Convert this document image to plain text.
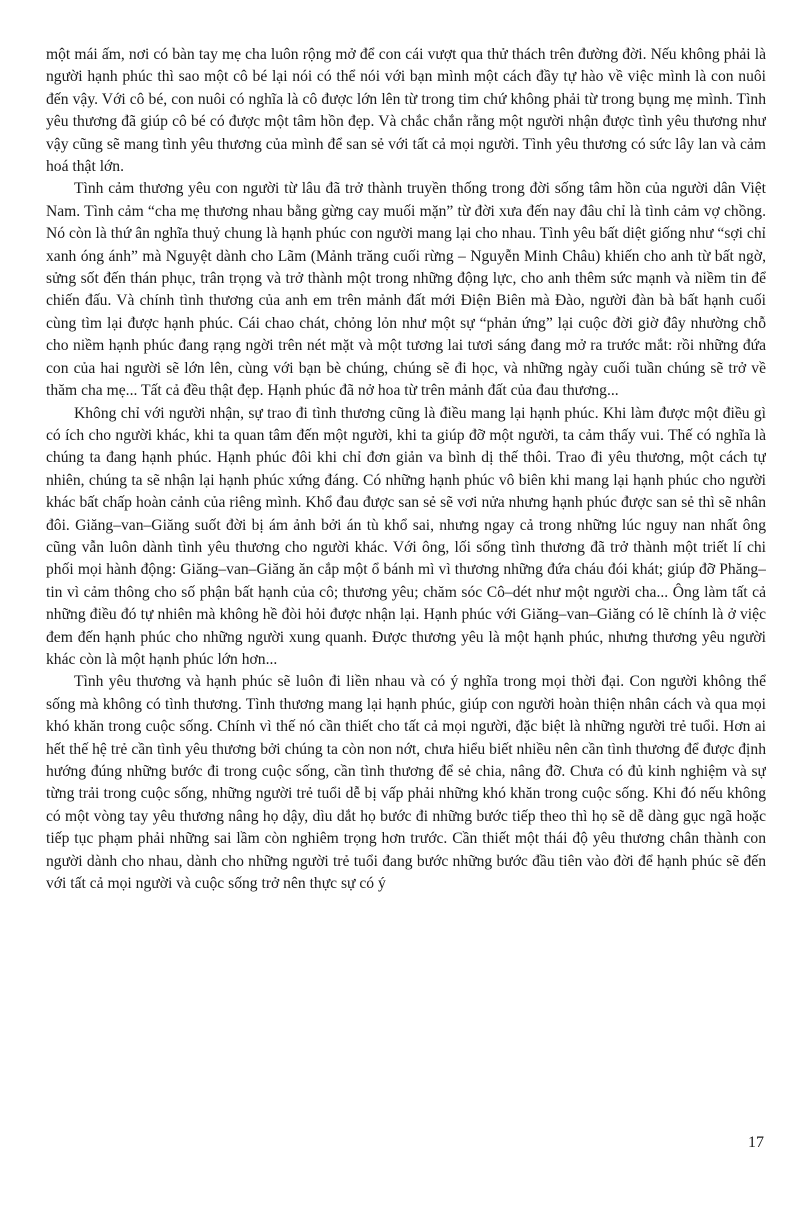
một mái ấm, nơi có bàn tay mẹ cha luôn rộng mở để con cái vượt qua thử thách trên đường đời. Nếu không phải là người hạnh phúc thì sao một cô bé lại nói có thể nói với bạn mình một cách đầy tự hào về việc mình là con nuôi đến vậy. Với cô bé, con nuôi có nghĩa là cô được lớn lên từ trong tim chứ không phải từ trong bụng mẹ mình. Tình yêu thương đã giúp cô bé có được một tâm hồn đẹp. Và chắc chắn rằng một người nhận được tình yêu thương như vậy cũng sẽ mang tình yêu thương của mình để san sẻ với tất cả mọi người. Tình yêu thương có sức lây lan và cảm hoá thật lớn.

Tình cảm thương yêu con người từ lâu đã trở thành truyền thống trong đời sống tâm hồn của người dân Việt Nam. Tình cảm “cha mẹ thương nhau bằng gừng cay muối mặn” từ đời xưa đến nay đâu chỉ là tình cảm vợ chồng. Nó còn là thứ ân nghĩa thuỷ chung là hạnh phúc con người mang lại cho nhau. Tình yêu bất diệt giống như “sợi chỉ xanh óng ánh” mà Nguyệt dành cho Lãm (Mảnh trăng cuối rừng – Nguyễn Minh Châu) khiến cho anh từ bất ngờ, sửng sốt đến thán phục, trân trọng và trở thành một trong những động lực, cho anh thêm sức mạnh và niềm tin để chiến đấu. Và chính tình thương của anh em trên mảnh đất mới Điện Biên mà Đào, người đàn bà bất hạnh cuối cùng tìm lại được hạnh phúc. Cái chao chát, chỏng lỏn như một sự “phản ứng” lại cuộc đời giờ đây nhường chỗ cho niềm hạnh phúc đang rạng ngời trên nét mặt và một tương lai tươi sáng đang mở ra trước mắt: rồi những đứa con của hai người sẽ lớn lên, cùng với bạn bè chúng, chúng sẽ đi học, và những ngày cuối tuần chúng sẽ trở về thăm cha mẹ... Tất cả đều thật đẹp. Hạnh phúc đã nở hoa từ trên mảnh đất của đau thương...

Không chỉ với người nhận, sự trao đi tình thương cũng là điều mang lại hạnh phúc. Khi làm được một điều gì có ích cho người khác, khi ta quan tâm đến một người, khi ta giúp đỡ một người, ta cảm thấy vui. Thế có nghĩa là chúng ta đang hạnh phúc. Hạnh phúc đôi khi chỉ đơn giản va bình dị thế thôi. Trao đi yêu thương, một cách tự nhiên, chúng ta sẽ nhận lại hạnh phúc xứng đáng. Có những hạnh phúc vô biên khi mang lại hạnh phúc cho người khác bất chấp hoàn cảnh của riêng mình. Khổ đau được san sẻ sẽ vơi nửa nhưng hạnh phúc được san sẻ thì sẽ nhân đôi. Giăng–van–Giăng suốt đời bị ám ảnh bởi án tù khổ sai, nhưng ngay cả trong những lúc nguy nan nhất ông cũng vẫn luôn dành tình yêu thương cho người khác. Với ông, lối sống tình thương đã trở thành một triết lí chi phối mọi hành động: Giăng–van–Giăng ăn cắp một ổ bánh mì vì thương những đứa cháu đói khát; giúp đỡ Phăng–tin vì cảm thông cho số phận bất hạnh của cô; thương yêu; chăm sóc Cô–dét như một người cha... Ông làm tất cả những điều đó tự nhiên mà không hề đòi hỏi được nhận lại. Hạnh phúc với Giăng–van–Giăng có lẽ chính là ở việc đem đến hạnh phúc cho những người xung quanh. Được thương yêu là một hạnh phúc, nhưng thương yêu người khác còn là một hạnh phúc lớn hơn...

Tình yêu thương và hạnh phúc sẽ luôn đi liền nhau và có ý nghĩa trong mọi thời đại. Con người không thể sống mà không có tình thương. Tình thương mang lại hạnh phúc, giúp con người hoàn thiện nhân cách và qua mọi khó khăn trong cuộc sống. Chính vì thế nó cần thiết cho tất cả mọi người, đặc biệt là những người trẻ tuổi. Hơn ai hết thế hệ trẻ cần tình yêu thương bởi chúng ta còn non nớt, chưa hiểu biết nhiều nên cần tình thương để được định hướng đúng những bước đi trong cuộc sống, cần tình thương để sẻ chia, nâng đỡ. Chưa có đủ kinh nghiệm và sự từng trải trong cuộc sống, những người trẻ tuổi dễ bị vấp phải những khó khăn trong cuộc sống. Khi đó nếu không có một vòng tay yêu thương nâng họ dậy, dìu dắt họ bước đi những bước tiếp theo thì họ sẽ dễ dàng gục ngã hoặc tiếp tục phạm phải những sai lầm còn nghiêm trọng hơn trước. Cần thiết một thái độ yêu thương chân thành con người dành cho nhau, dành cho những người trẻ tuổi đang bước những bước đầu tiên vào đời để hạnh phúc sẽ đến với tất cả mọi người và cuộc sống trở nên thực sự có ý

17
